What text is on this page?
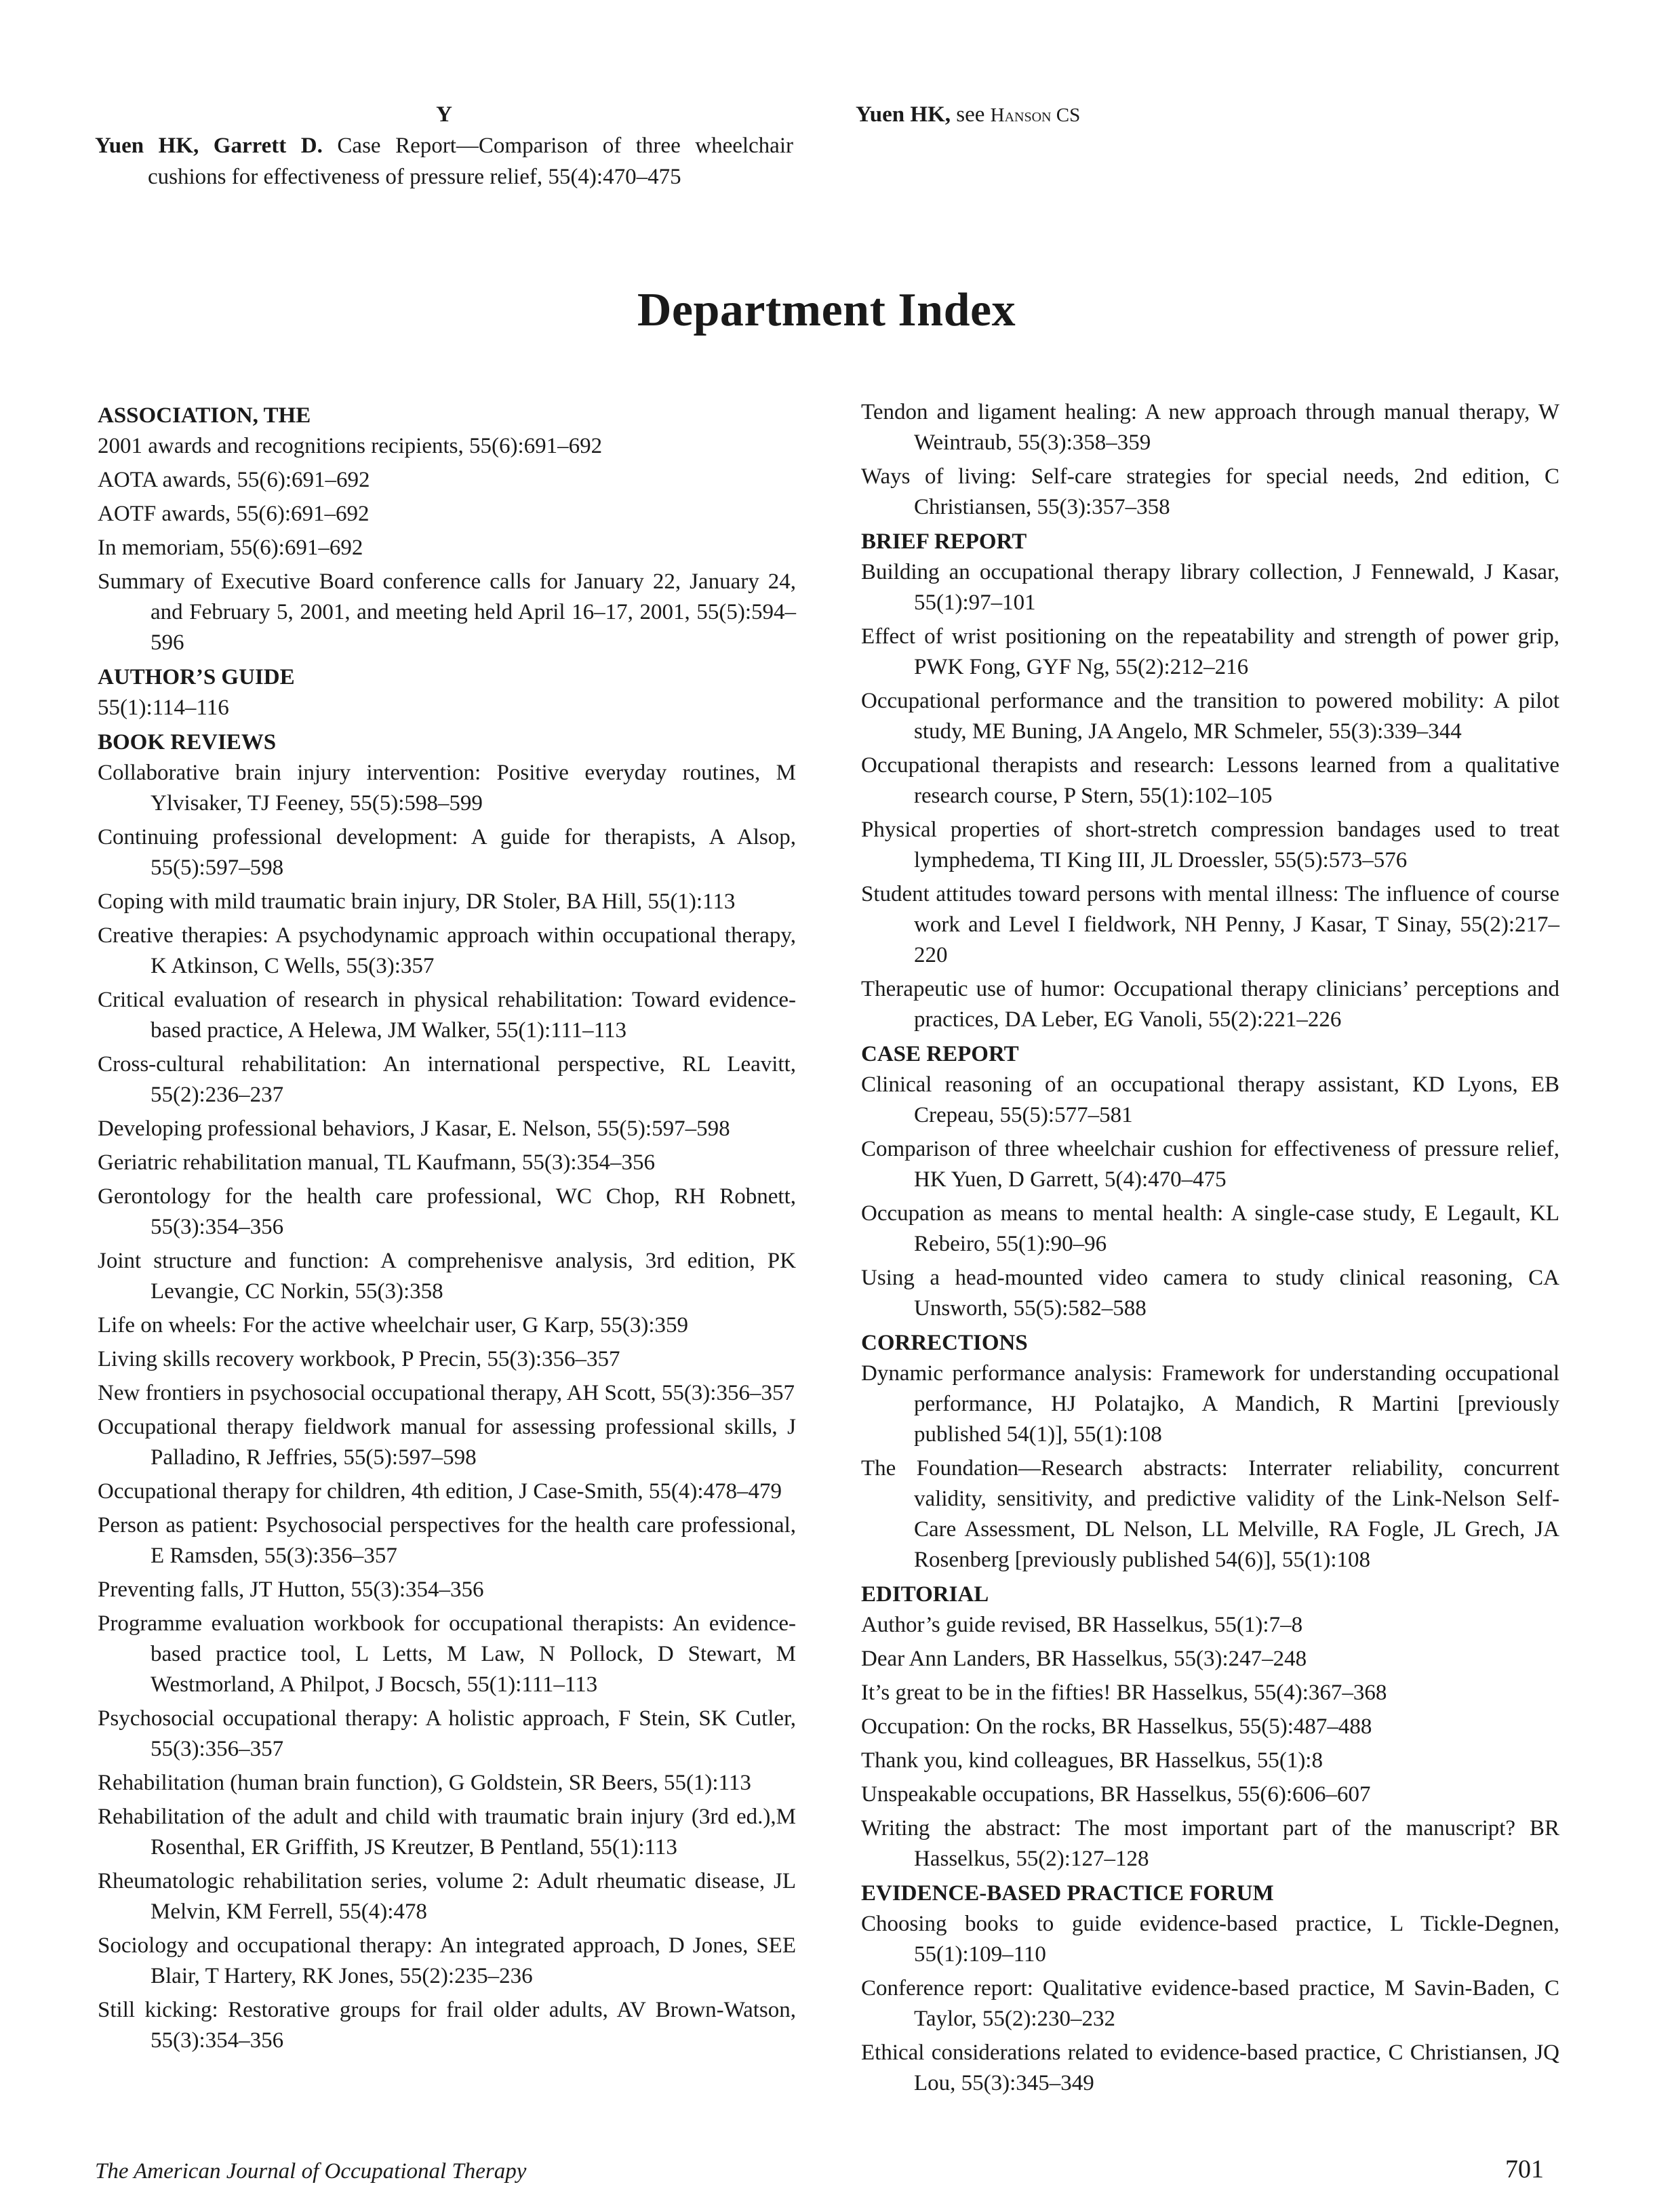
Y
Yuen HK, Garrett D. Case Report—Comparison of three wheelchair cushions for effectiveness of pressure relief, 55(4):470–475
Yuen HK, see Hanson CS
Department Index
ASSOCIATION, THE
2001 awards and recognitions recipients, 55(6):691–692
AOTA awards, 55(6):691–692
AOTF awards, 55(6):691–692
In memoriam, 55(6):691–692
Summary of Executive Board conference calls for January 22, January 24, and February 5, 2001, and meeting held April 16–17, 2001, 55(5):594–596
AUTHOR’S GUIDE
55(1):114–116
BOOK REVIEWS
Collaborative brain injury intervention: Positive everyday routines, M Ylvisaker, TJ Feeney, 55(5):598–599
Continuing professional development: A guide for therapists, A Alsop, 55(5):597–598
Coping with mild traumatic brain injury, DR Stoler, BA Hill, 55(1):113
Creative therapies: A psychodynamic approach within occupational therapy, K Atkinson, C Wells, 55(3):357
Critical evaluation of research in physical rehabilitation: Toward evidence-based practice, A Helewa, JM Walker, 55(1):111–113
Cross-cultural rehabilitation: An international perspective, RL Leavitt, 55(2):236–237
Developing professional behaviors, J Kasar, E. Nelson, 55(5):597–598
Geriatric rehabilitation manual, TL Kaufmann, 55(3):354–356
Gerontology for the health care professional, WC Chop, RH Robnett, 55(3):354–356
Joint structure and function: A comprehenisve analysis, 3rd edition, PK Levangie, CC Norkin, 55(3):358
Life on wheels: For the active wheelchair user, G Karp, 55(3):359
Living skills recovery workbook, P Precin, 55(3):356–357
New frontiers in psychosocial occupational therapy, AH Scott, 55(3):356–357
Occupational therapy fieldwork manual for assessing professional skills, J Palladino, R Jeffries, 55(5):597–598
Occupational therapy for children, 4th edition, J Case-Smith, 55(4):478–479
Person as patient: Psychosocial perspectives for the health care professional, E Ramsden, 55(3):356–357
Preventing falls, JT Hutton, 55(3):354–356
Programme evaluation workbook for occupational therapists: An evidence-based practice tool, L Letts, M Law, N Pollock, D Stewart, M Westmorland, A Philpot, J Bocsch, 55(1):111–113
Psychosocial occupational therapy: A holistic approach, F Stein, SK Cutler, 55(3):356–357
Rehabilitation (human brain function), G Goldstein, SR Beers, 55(1):113
Rehabilitation of the adult and child with traumatic brain injury (3rd ed.),M Rosenthal, ER Griffith, JS Kreutzer, B Pentland, 55(1):113
Rheumatologic rehabilitation series, volume 2: Adult rheumatic disease, JL Melvin, KM Ferrell, 55(4):478
Sociology and occupational therapy: An integrated approach, D Jones, SEE Blair, T Hartery, RK Jones, 55(2):235–236
Still kicking: Restorative groups for frail older adults, AV Brown-Watson, 55(3):354–356
Tendon and ligament healing: A new approach through manual therapy, W Weintraub, 55(3):358–359
Ways of living: Self-care strategies for special needs, 2nd edition, C Christiansen, 55(3):357–358
BRIEF REPORT
Building an occupational therapy library collection, J Fennewald, J Kasar, 55(1):97–101
Effect of wrist positioning on the repeatability and strength of power grip, PWK Fong, GYF Ng, 55(2):212–216
Occupational performance and the transition to powered mobility: A pilot study, ME Buning, JA Angelo, MR Schmeler, 55(3):339–344
Occupational therapists and research: Lessons learned from a qualitative research course, P Stern, 55(1):102–105
Physical properties of short-stretch compression bandages used to treat lymphedema, TI King III, JL Droessler, 55(5):573–576
Student attitudes toward persons with mental illness: The influence of course work and Level I fieldwork, NH Penny, J Kasar, T Sinay, 55(2):217–220
Therapeutic use of humor: Occupational therapy clinicians’ perceptions and practices, DA Leber, EG Vanoli, 55(2):221–226
CASE REPORT
Clinical reasoning of an occupational therapy assistant, KD Lyons, EB Crepeau, 55(5):577–581
Comparison of three wheelchair cushion for effectiveness of pressure relief, HK Yuen, D Garrett, 5(4):470–475
Occupation as means to mental health: A single-case study, E Legault, KL Rebeiro, 55(1):90–96
Using a head-mounted video camera to study clinical reasoning, CA Unsworth, 55(5):582–588
CORRECTIONS
Dynamic performance analysis: Framework for understanding occupational performance, HJ Polatajko, A Mandich, R Martini [previously published 54(1)], 55(1):108
The Foundation—Research abstracts: Interrater reliability, concurrent validity, sensitivity, and predictive validity of the Link-Nelson Self-Care Assessment, DL Nelson, LL Melville, RA Fogle, JL Grech, JA Rosenberg [previously published 54(6)], 55(1):108
EDITORIAL
Author’s guide revised, BR Hasselkus, 55(1):7–8
Dear Ann Landers, BR Hasselkus, 55(3):247–248
It’s great to be in the fifties! BR Hasselkus, 55(4):367–368
Occupation: On the rocks, BR Hasselkus, 55(5):487–488
Thank you, kind colleagues, BR Hasselkus, 55(1):8
Unspeakable occupations, BR Hasselkus, 55(6):606–607
Writing the abstract: The most important part of the manuscript? BR Hasselkus, 55(2):127–128
EVIDENCE-BASED PRACTICE FORUM
Choosing books to guide evidence-based practice, L Tickle-Degnen, 55(1):109–110
Conference report: Qualitative evidence-based practice, M Savin-Baden, C Taylor, 55(2):230–232
Ethical considerations related to evidence-based practice, C Christiansen, JQ Lou, 55(3):345–349
The American Journal of Occupational Therapy	701
